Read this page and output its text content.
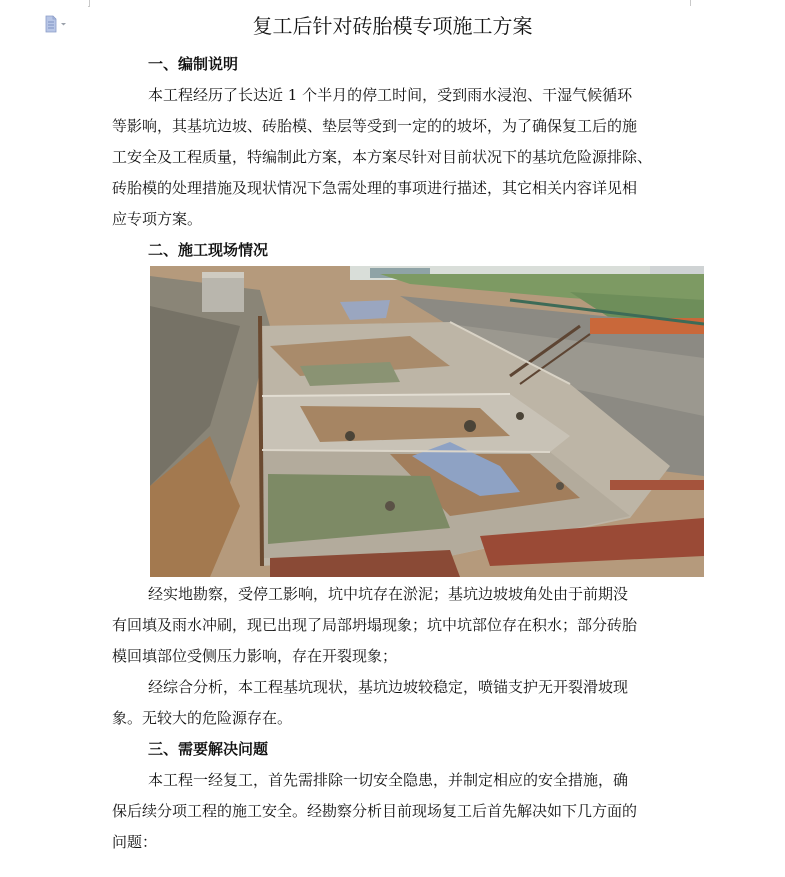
复工后针对砖胎模专项施工方案
一、编制说明
本工程经历了长达近 1 个半月的停工时间，受到雨水浸泡、干湿气候循环
等影响，其基坑边坡、砖胎模、垫层等受到一定的的坡坏，为了确保复工后的施
工安全及工程质量，特编制此方案，本方案尽针对目前状况下的基坑危险源排除、
砖胎模的处理措施及现状情况下急需处理的事项进行描述，其它相关内容详见相
应专项方案。
二、施工现场情况
经实地勘察，受停工影响，坑中坑存在淤泥；基坑边坡坡角处由于前期没
有回填及雨水冲刷，现已出现了局部坍塌现象；坑中坑部位存在积水；部分砖胎
模回填部位受侧压力影响，存在开裂现象；
经综合分析，本工程基坑现状，基坑边坡较稳定，喷锚支护无开裂滑坡现
象。无较大的危险源存在。
三、需要解决问题
本工程一经复工，首先需排除一切安全隐患，并制定相应的安全措施，确
保后续分项工程的施工安全。经勘察分析目前现场复工后首先解决如下几方面的
问题：
